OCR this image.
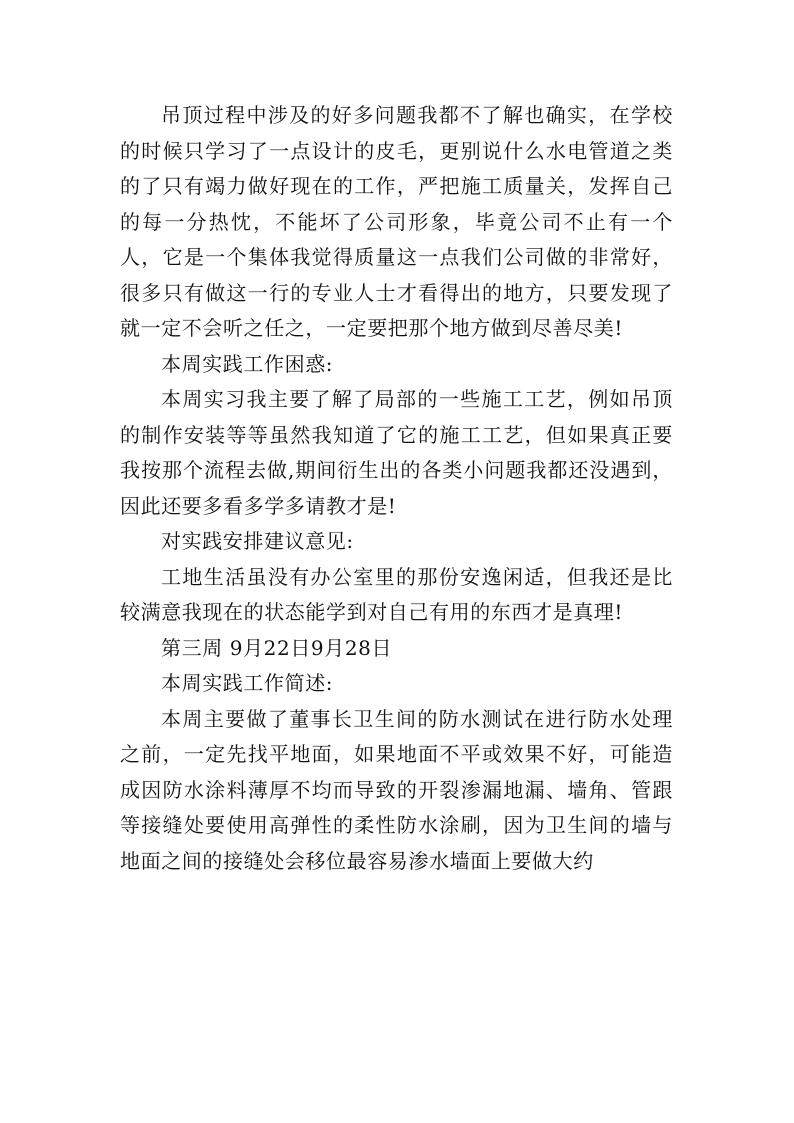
吊顶过程中涉及的好多问题我都不了解也确实，在学校的时候只学习了一点设计的皮毛，更别说什么水电管道之类的了只有竭力做好现在的工作，严把施工质量关，发挥自己的每一分热忱，不能坏了公司形象，毕竟公司不止有一个人，它是一个集体我觉得质量这一点我们公司做的非常好，很多只有做这一行的专业人士才看得出的地方，只要发现了就一定不会听之任之，一定要把那个地方做到尽善尽美!

本周实践工作困惑:

本周实习我主要了解了局部的一些施工工艺，例如吊顶的制作安装等等虽然我知道了它的施工工艺，但如果真正要我按那个流程去做,期间衍生出的各类小问题我都还没遇到，因此还要多看多学多请教才是!

对实践安排建议意见:

工地生活虽没有办公室里的那份安逸闲适，但我还是比较满意我现在的状态能学到对自己有用的东西才是真理!

第三周 9月22日9月28日

本周实践工作简述:

本周主要做了董事长卫生间的防水测试在进行防水处理之前，一定先找平地面，如果地面不平或效果不好，可能造成因防水涂料薄厚不均而导致的开裂渗漏地漏、墙角、管跟等接缝处要使用高弹性的柔性防水涂刷，因为卫生间的墙与地面之间的接缝处会移位最容易渗水墙面上要做大约
